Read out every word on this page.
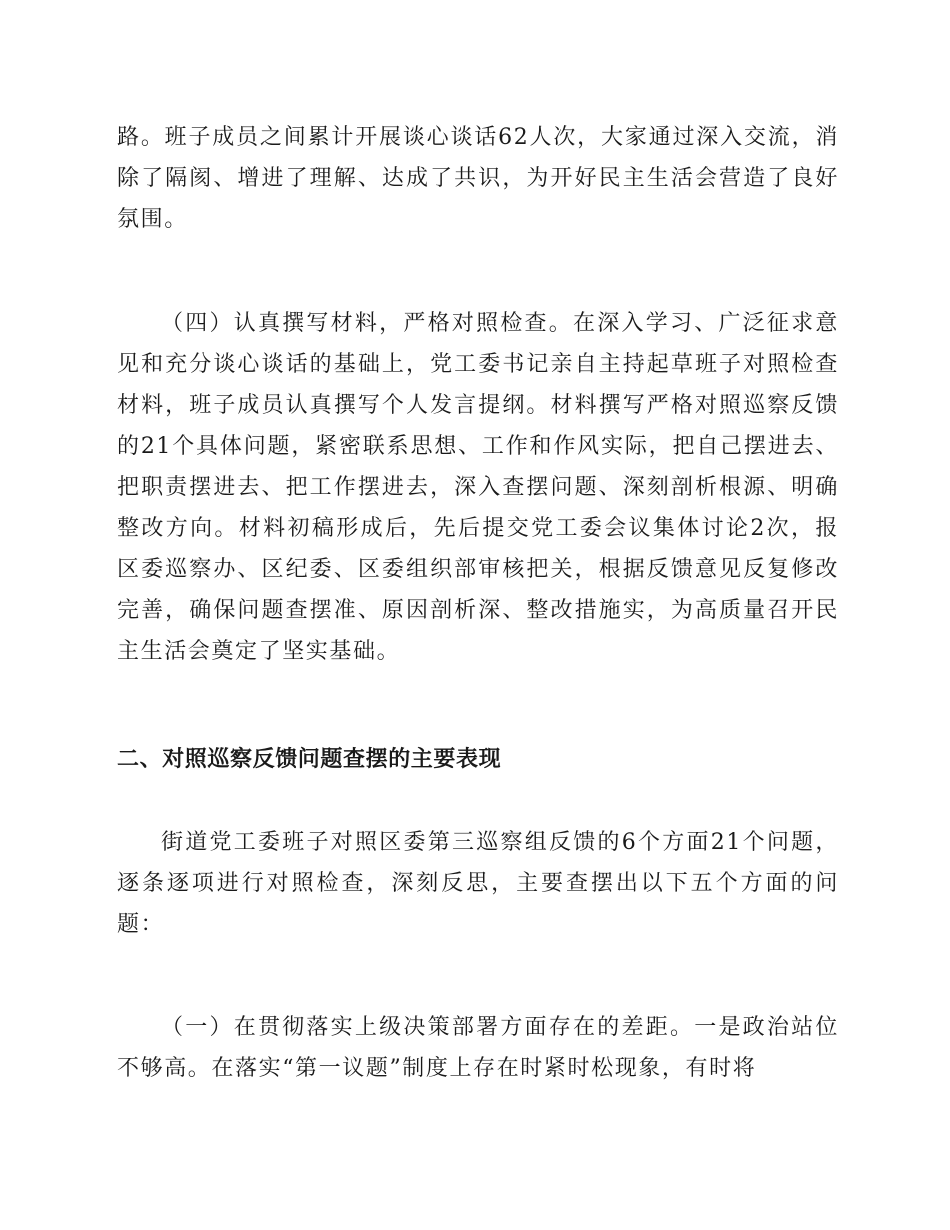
路。班子成员之间累计开展谈心谈话62人次，大家通过深入交流，消除了隔阂、增进了理解、达成了共识，为开好民主生活会营造了良好氛围。

（四）认真撰写材料，严格对照检查。在深入学习、广泛征求意见和充分谈心谈话的基础上，党工委书记亲自主持起草班子对照检查材料，班子成员认真撰写个人发言提纲。材料撰写严格对照巡察反馈的21个具体问题，紧密联系思想、工作和作风实际，把自己摆进去、把职责摆进去、把工作摆进去，深入查摆问题、深刻剖析根源、明确整改方向。材料初稿形成后，先后提交党工委会议集体讨论2次，报区委巡察办、区纪委、区委组织部审核把关，根据反馈意见反复修改完善，确保问题查摆准、原因剖析深、整改措施实，为高质量召开民主生活会奠定了坚实基础。

二、对照巡察反馈问题查摆的主要表现

街道党工委班子对照区委第三巡察组反馈的6个方面21个问题，逐条逐项进行对照检查，深刻反思，主要查摆出以下五个方面的问题：

（一）在贯彻落实上级决策部署方面存在的差距。一是政治站位不够高。在落实“第一议题”制度上存在时紧时松现象，有时将
